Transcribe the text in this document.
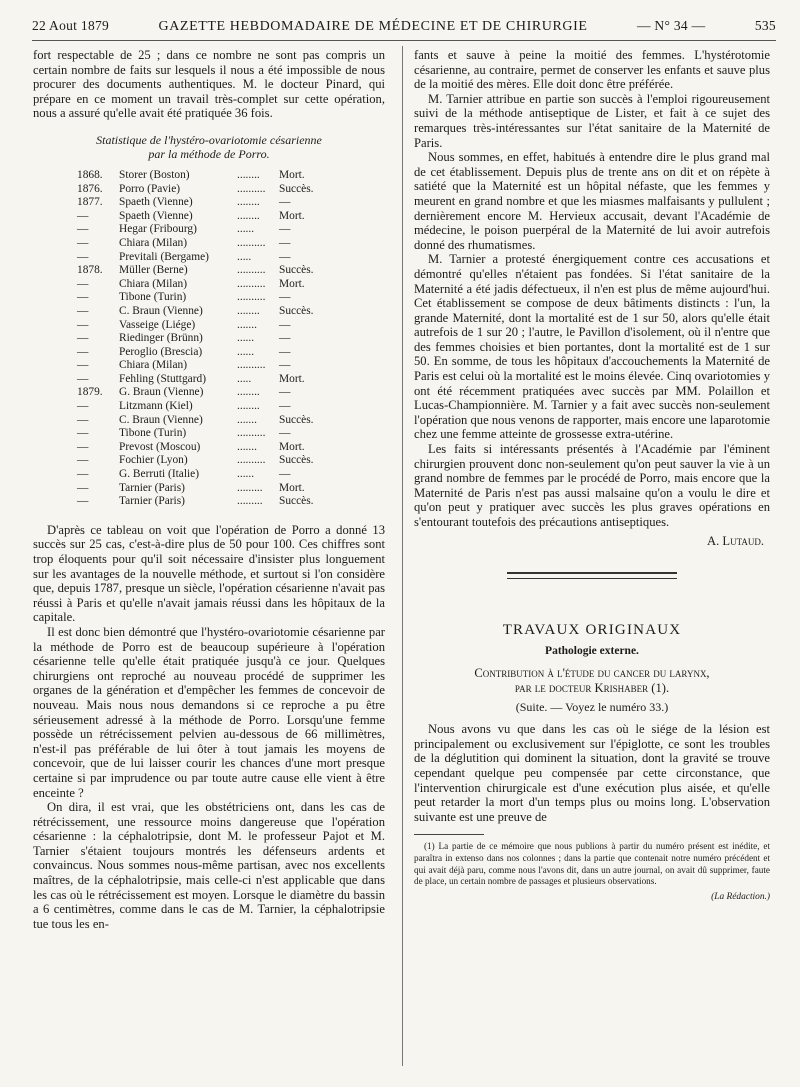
22 Aout 1879	GAZETTE HEBDOMADAIRE DE MÉDECINE ET DE CHIRURGIE	— N° 34 —	535

fort respectable de 25 ; dans ce nombre ne sont pas compris un certain nombre de faits sur lesquels il nous a été impossible de nous procurer des documents authentiques. M. le docteur Pinard, qui prépare en ce moment un travail très-complet sur cette opération, nous a assuré qu'elle avait été pratiquée 36 fois.

Statistique de l'hystéro-ovariotomie césarienne
par la méthode de Porro.
1868.	Storer (Boston)	........	Mort.
1876.	Porro (Pavie)	..........	Succès.
1877.	Spaeth (Vienne)	........	—
—	Spaeth (Vienne)	........	Mort.
—	Hegar (Fribourg)	......	—
—	Chiara (Milan)	..........	—
—	Previtali (Bergame)	.....	—
1878.	Müller (Berne)	..........	Succès.
—	Chiara (Milan)	..........	Mort.
—	Tibone (Turin)	..........	—
—	C. Braun (Vienne)	........	Succès.
—	Vasseige (Liége)	.......	—
—	Riedinger (Brünn)	......	—
—	Peroglio (Brescia)	......	—
—	Chiara (Milan)	..........	—
—	Fehling (Stuttgard)	.....	Mort.
1879.	G. Braun (Vienne)	........	—
—	Litzmann (Kiel)	........	—
—	C. Braun (Vienne)	.......	Succès.
—	Tibone (Turin)	..........	—
—	Prevost (Moscou)	.......	Mort.
—	Fochier (Lyon)	..........	Succès.
—	G. Berruti (Italie)	......	—
—	Tarnier (Paris)	.........	Mort.
—	Tarnier (Paris)	.........	Succès.

D'après ce tableau on voit que l'opération de Porro a donné 13 succès sur 25 cas, c'est-à-dire plus de 50 pour 100. Ces chiffres sont trop éloquents pour qu'il soit nécessaire d'insister plus longuement sur les avantages de la nouvelle méthode, et surtout si l'on considère que, depuis 1787, presque un siècle, l'opération césarienne n'avait pas réussi à Paris et qu'elle n'avait jamais réussi dans les hôpitaux de la capitale.

Il est donc bien démontré que l'hystéro-ovariotomie césarienne par la méthode de Porro est de beaucoup supérieure à l'opération césarienne telle qu'elle était pratiquée jusqu'à ce jour. Quelques chirurgiens ont reproché au nouveau procédé de supprimer les organes de la génération et d'empêcher les femmes de concevoir de nouveau. Mais nous nous demandons si ce reproche a pu être sérieusement adressé à la méthode de Porro. Lorsqu'une femme possède un rétrécissement pelvien au-dessous de 66 millimètres, n'est-il pas préférable de lui ôter à tout jamais les moyens de concevoir, que de lui laisser courir les chances d'une mort presque certaine si par imprudence ou par toute autre cause elle vient à être enceinte ?

On dira, il est vrai, que les obstétriciens ont, dans les cas de rétrécissement, une ressource moins dangereuse que l'opération césarienne : la céphalotripsie, dont M. le professeur Pajot et M. Tarnier s'étaient toujours montrés les défenseurs ardents et convaincus. Nous sommes nous-même partisan, avec nos excellents maîtres, de la céphalotripsie, mais celle-ci n'est applicable que dans les cas où le rétrécissement est moyen. Lorsque le diamètre du bassin a 6 centimètres, comme dans le cas de M. Tarnier, la céphalotripsie tue tous les en-

fants et sauve à peine la moitié des femmes. L'hystérotomie césarienne, au contraire, permet de conserver les enfants et sauve plus de la moitié des mères. Elle doit donc être préférée.

M. Tarnier attribue en partie son succès à l'emploi rigoureusement suivi de la méthode antiseptique de Lister, et fait à ce sujet des remarques très-intéressantes sur l'état sanitaire de la Maternité de Paris.

Nous sommes, en effet, habitués à entendre dire le plus grand mal de cet établissement. Depuis plus de trente ans on dit et on répète à satiété que la Maternité est un hôpital néfaste, que les femmes y meurent en grand nombre et que les miasmes malfaisants y pullulent ; dernièrement encore M. Hervieux accusait, devant l'Académie de médecine, le poison puerpéral de la Maternité de lui avoir autrefois donné des rhumatismes.

M. Tarnier a protesté énergiquement contre ces accusations et démontré qu'elles n'étaient pas fondées. Si l'état sanitaire de la Maternité a été jadis défectueux, il n'en est plus de même aujourd'hui. Cet établissement se compose de deux bâtiments distincts : l'un, la grande Maternité, dont la mortalité est de 1 sur 50, alors qu'elle était autrefois de 1 sur 20 ; l'autre, le Pavillon d'isolement, où il n'entre que des femmes choisies et bien portantes, dont la mortalité est de 1 sur 50. En somme, de tous les hôpitaux d'accouchements la Maternité de Paris est celui où la mortalité est le moins élevée. Cinq ovariotomies y ont été récemment pratiquées avec succès par MM. Polaillon et Lucas-Championnière. M. Tarnier y a fait avec succès non-seulement l'opération que nous venons de rapporter, mais encore une laparotomie chez une femme atteinte de grossesse extra-utérine.

Les faits si intéressants présentés à l'Académie par l'éminent chirurgien prouvent donc non-seulement qu'on peut sauver la vie à un grand nombre de femmes par le procédé de Porro, mais encore que la Maternité de Paris n'est pas aussi malsaine qu'on a voulu le dire et qu'on peut y pratiquer avec succès les plus graves opérations en s'entourant toutefois des précautions antiseptiques.

A. Lutaud.
TRAVAUX ORIGINAUX
Pathologie externe.
Contribution à l'étude du cancer du larynx,
par le docteur Krishaber (1).
(Suite. — Voyez le numéro 33.)

Nous avons vu que dans les cas où le siége de la lésion est principalement ou exclusivement sur l'épiglotte, ce sont les troubles de la déglutition qui dominent la situation, dont la gravité se trouve cependant quelque peu compensée par cette circonstance, que l'intervention chirurgicale est d'une exécution plus aisée, et qu'elle peut retarder la mort d'un temps plus ou moins long. L'observation suivante est une preuve de

(1) La partie de ce mémoire que nous publions à partir du numéro présent est inédite, et paraîtra in extenso dans nos colonnes ; dans la partie que contenait notre numéro précédent et qui avait déjà paru, comme nous l'avons dit, dans un autre journal, on avait dû supprimer, faute de place, un certain nombre de passages et plusieurs observations.

(La Rédaction.)
